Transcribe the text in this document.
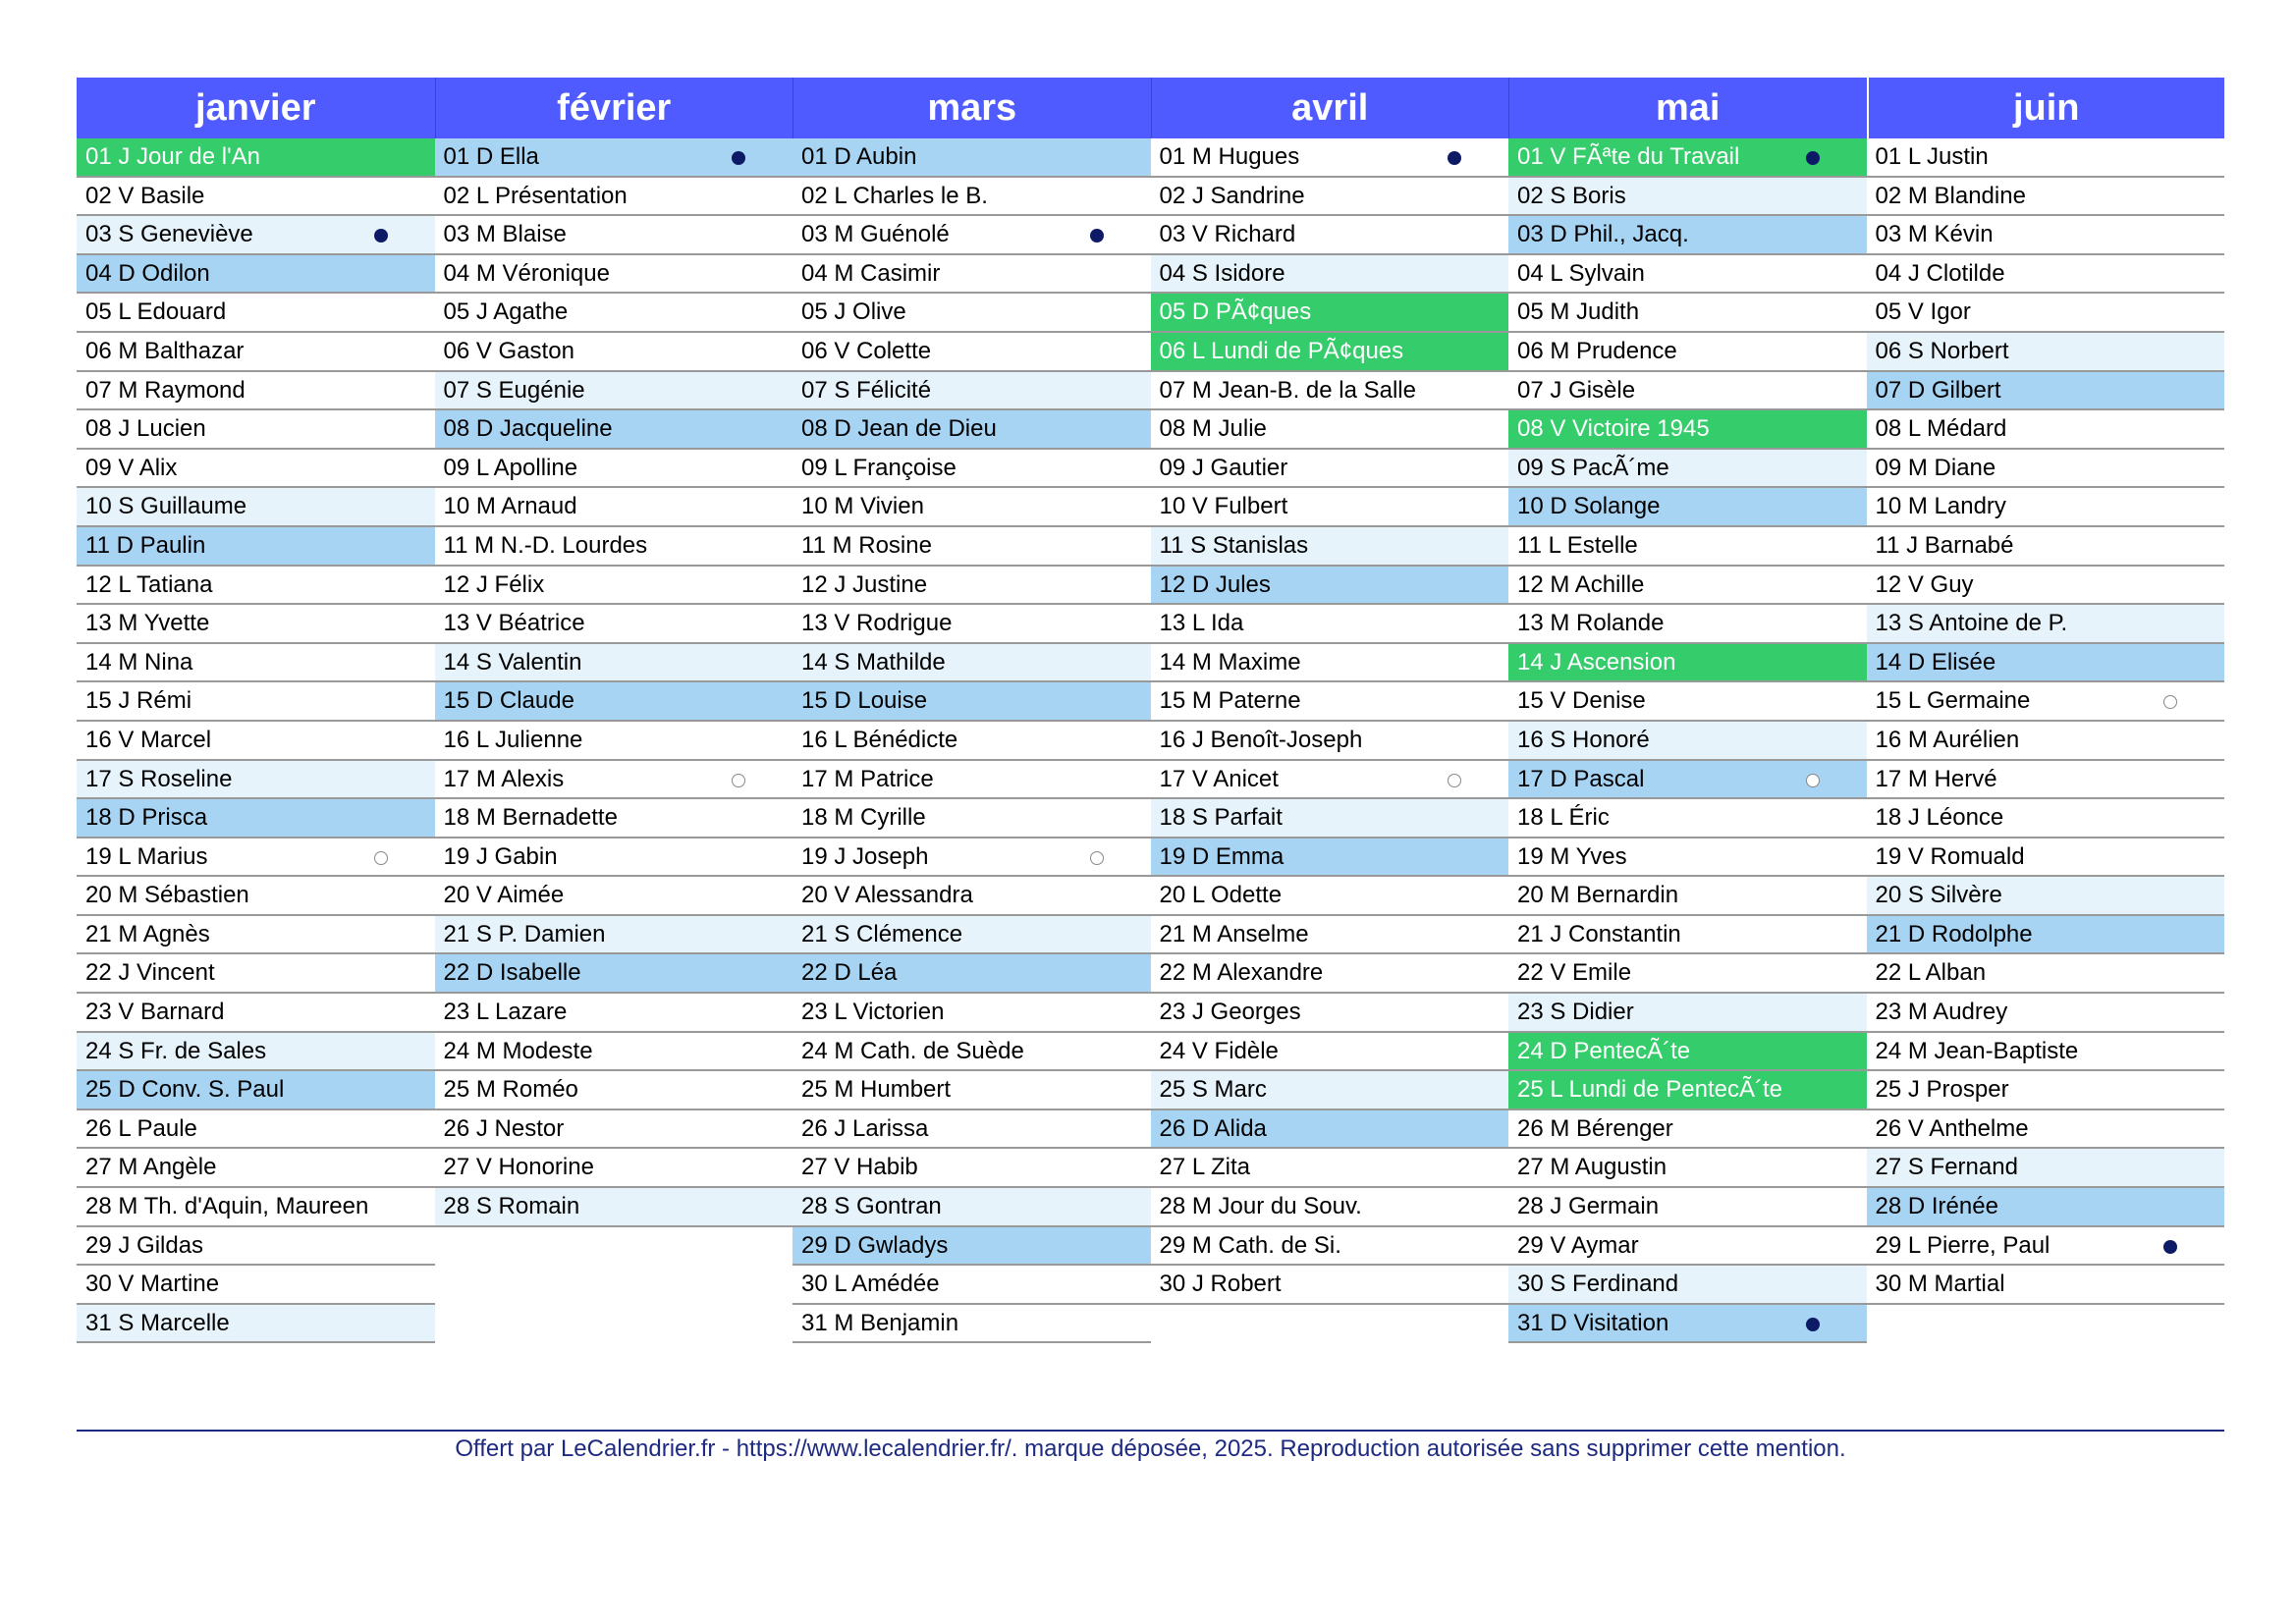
janvier
01 J Jour de l'An
02 V Basile
03 S Geneviève
04 D Odilon
05 L Edouard
06 M Balthazar
07 M Raymond
08 J Lucien
09 V Alix
10 S Guillaume
11 D Paulin
12 L Tatiana
13 M Yvette
14 M Nina
15 J Rémi
16 V Marcel
17 S Roseline
18 D Prisca
19 L Marius
20 M Sébastien
21 M Agnès
22 J Vincent
23 V Barnard
24 S Fr. de Sales
25 D Conv. S. Paul
26 L Paule
27 M Angèle
28 M Th. d'Aquin, Maureen
29 J Gildas
30 V Martine
31 S Marcelle
février
01 D Ella
02 L Présentation
03 M Blaise
04 M Véronique
05 J Agathe
06 V Gaston
07 S Eugénie
08 D Jacqueline
09 L Apolline
10 M Arnaud
11 M N.-D. Lourdes
12 J Félix
13 V Béatrice
14 S Valentin
15 D Claude
16 L Julienne
17 M Alexis
18 M Bernadette
19 J Gabin
20 V Aimée
21 S P. Damien
22 D Isabelle
23 L Lazare
24 M Modeste
25 M Roméo
26 J Nestor
27 V Honorine
28 S Romain
mars
01 D Aubin
02 L Charles le B.
03 M Guénolé
04 M Casimir
05 J Olive
06 V Colette
07 S Félicité
08 D Jean de Dieu
09 L Françoise
10 M Vivien
11 M Rosine
12 J Justine
13 V Rodrigue
14 S Mathilde
15 D Louise
16 L Bénédicte
17 M Patrice
18 M Cyrille
19 J Joseph
20 V Alessandra
21 S Clémence
22 D Léa
23 L Victorien
24 M Cath. de Suède
25 M Humbert
26 J Larissa
27 V Habib
28 S Gontran
29 D Gwladys
30 L Amédée
31 M Benjamin
avril
01 M Hugues
02 J Sandrine
03 V Richard
04 S Isidore
05 D PÃ¢ques
06 L Lundi de PÃ¢ques
07 M Jean-B. de la Salle
08 M Julie
09 J Gautier
10 V Fulbert
11 S Stanislas
12 D Jules
13 L Ida
14 M Maxime
15 M Paterne
16 J Benoît-Joseph
17 V Anicet
18 S Parfait
19 D Emma
20 L Odette
21 M Anselme
22 M Alexandre
23 J Georges
24 V Fidèle
25 S Marc
26 D Alida
27 L Zita
28 M Jour du Souv.
29 M Cath. de Si.
30 J Robert
mai
01 V FÃªte du Travail
02 S Boris
03 D Phil., Jacq.
04 L Sylvain
05 M Judith
06 M Prudence
07 J Gisèle
08 V Victoire 1945
09 S PacÃ´me
10 D Solange
11 L Estelle
12 M Achille
13 M Rolande
14 J Ascension
15 V Denise
16 S Honoré
17 D Pascal
18 L Éric
19 M Yves
20 M Bernardin
21 J Constantin
22 V Emile
23 S Didier
24 D PentecÃ´te
25 L Lundi de PentecÃ´te
26 M Bérenger
27 M Augustin
28 J Germain
29 V Aymar
30 S Ferdinand
31 D Visitation
juin
01 L Justin
02 M Blandine
03 M Kévin
04 J Clotilde
05 V Igor
06 S Norbert
07 D Gilbert
08 L Médard
09 M Diane
10 M Landry
11 J Barnabé
12 V Guy
13 S Antoine de P.
14 D Elisée
15 L Germaine
16 M Aurélien
17 M Hervé
18 J Léonce
19 V Romuald
20 S Silvère
21 D Rodolphe
22 L Alban
23 M Audrey
24 M Jean-Baptiste
25 J Prosper
26 V Anthelme
27 S Fernand
28 D Irénée
29 L Pierre, Paul
30 M Martial
Offert par LeCalendrier.fr - https://www.lecalendrier.fr/. marque déposée, 2025. Reproduction autorisée sans supprimer cette mention.
